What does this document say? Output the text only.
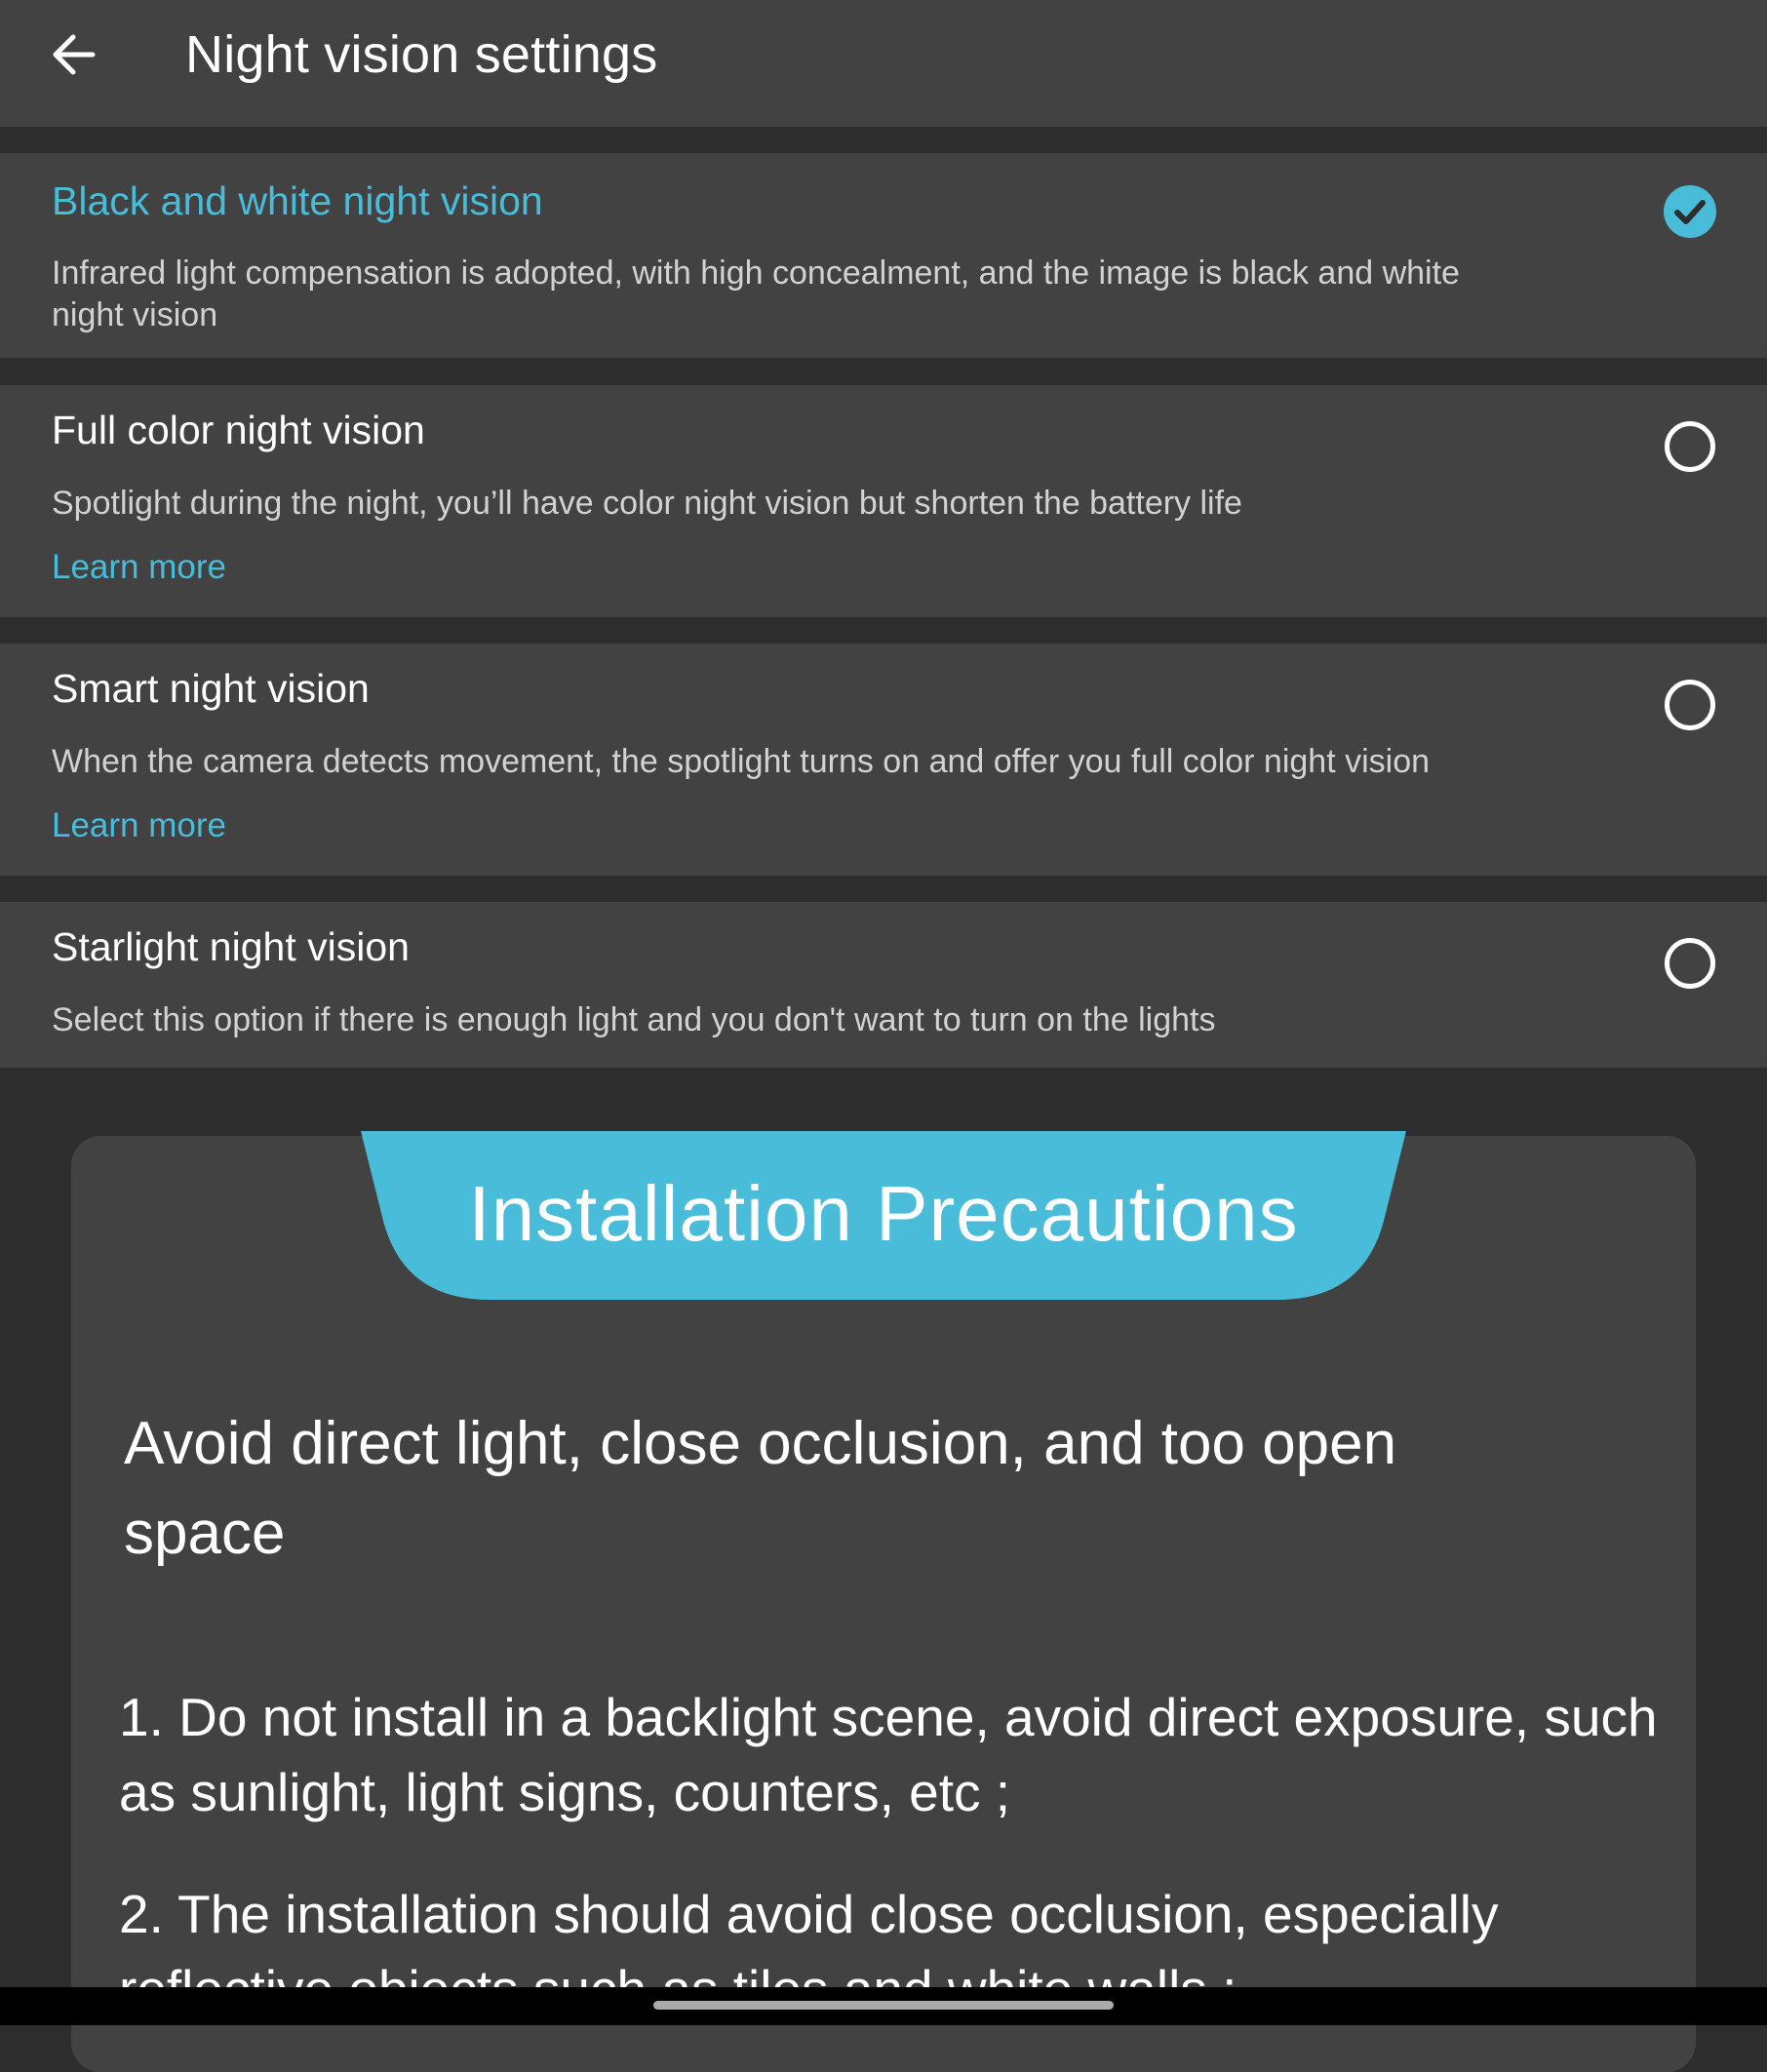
Night vision settings
Black and white night vision
Infrared light compensation is adopted, with high concealment, and the image is black and white night vision
Full color night vision
Spotlight during the night, you’ll have color night vision but shorten the battery life
Learn more
Smart night vision
When the camera detects movement, the spotlight turns on and offer you full color night vision
Learn more
Starlight night vision
Select this option if there is enough light and you don't want to turn on the lights
Installation Precautions
Avoid direct light, close occlusion, and too open space
1. Do not install in a backlight scene, avoid direct exposure, such as sunlight, light signs, counters, etc ;
2. The installation should avoid close occlusion, especially
